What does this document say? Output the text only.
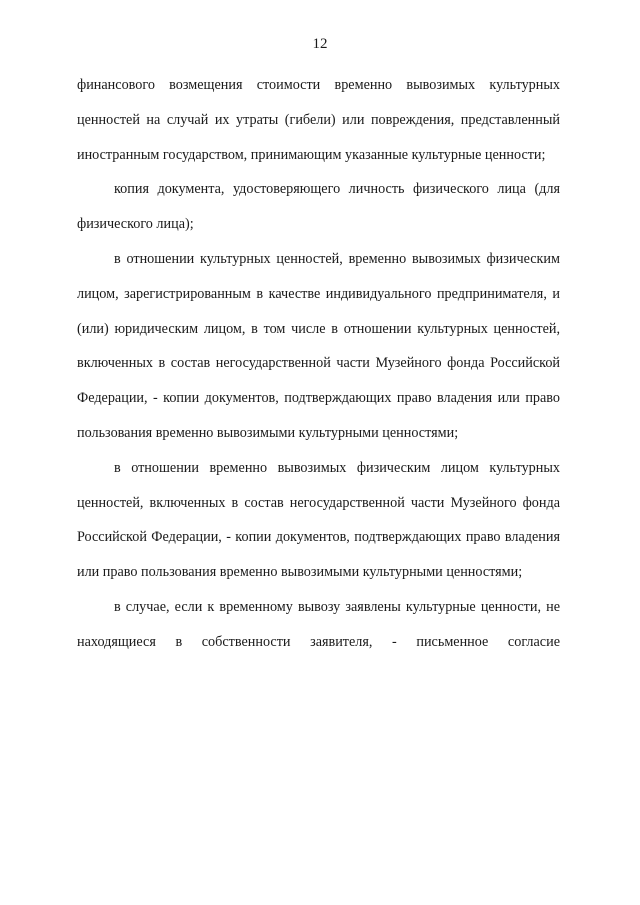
12

финансового возмещения стоимости временно вывозимых культурных ценностей на случай их утраты (гибели) или повреждения, представленный иностранным государством, принимающим указанные культурные ценности;

копия документа, удостоверяющего личность физического лица (для физического лица);

в отношении культурных ценностей, временно вывозимых физическим лицом, зарегистрированным в качестве индивидуального предпринимателя, и (или) юридическим лицом, в том числе в отношении культурных ценностей, включенных в состав негосударственной части Музейного фонда Российской Федерации, - копии документов, подтверждающих право владения или право пользования временно вывозимыми культурными ценностями;

в отношении временно вывозимых физическим лицом культурных ценностей, включенных в состав негосударственной части Музейного фонда Российской Федерации, - копии документов, подтверждающих право владения или право пользования временно вывозимыми культурными ценностями;

в случае, если к временному вывозу заявлены культурные ценности, не находящиеся в собственности заявителя, - письменное согласие
